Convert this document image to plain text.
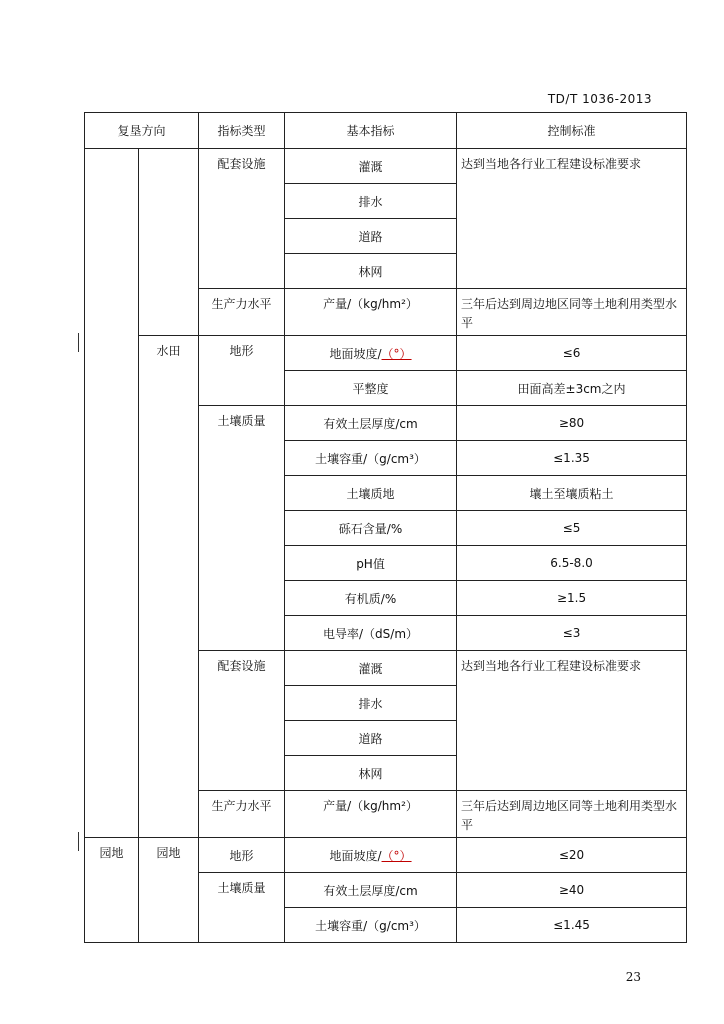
TD/T 1036-2013
复垦方向		指标类型	基本指标	控制标准
		配套设施	灌溉	达到当地各行业工程建设标准要求
			排水	
			道路	
			林网	
		生产力水平	产量/（kg/hm²）	三年后达到周边地区同等土地利用类型水平
	水田	地形	地面坡度/（°）	≤6
			平整度	田面高差±3cm之内
		土壤质量	有效土层厚度/cm	≥80
			土壤容重/（g/cm³）	≤1.35
			土壤质地	壤土至壤质粘土
			砾石含量/%	≤5
			pH值	6.5-8.0
			有机质/%	≥1.5
			电导率/（dS/m）	≤3
		配套设施	灌溉	达到当地各行业工程建设标准要求
			排水	
			道路	
			林网	
		生产力水平	产量/（kg/hm²）	三年后达到周边地区同等土地利用类型水平
园地	园地	地形	地面坡度/（°）	≤20
		土壤质量	有效土层厚度/cm	≥40
			土壤容重/（g/cm³）	≤1.45
23
